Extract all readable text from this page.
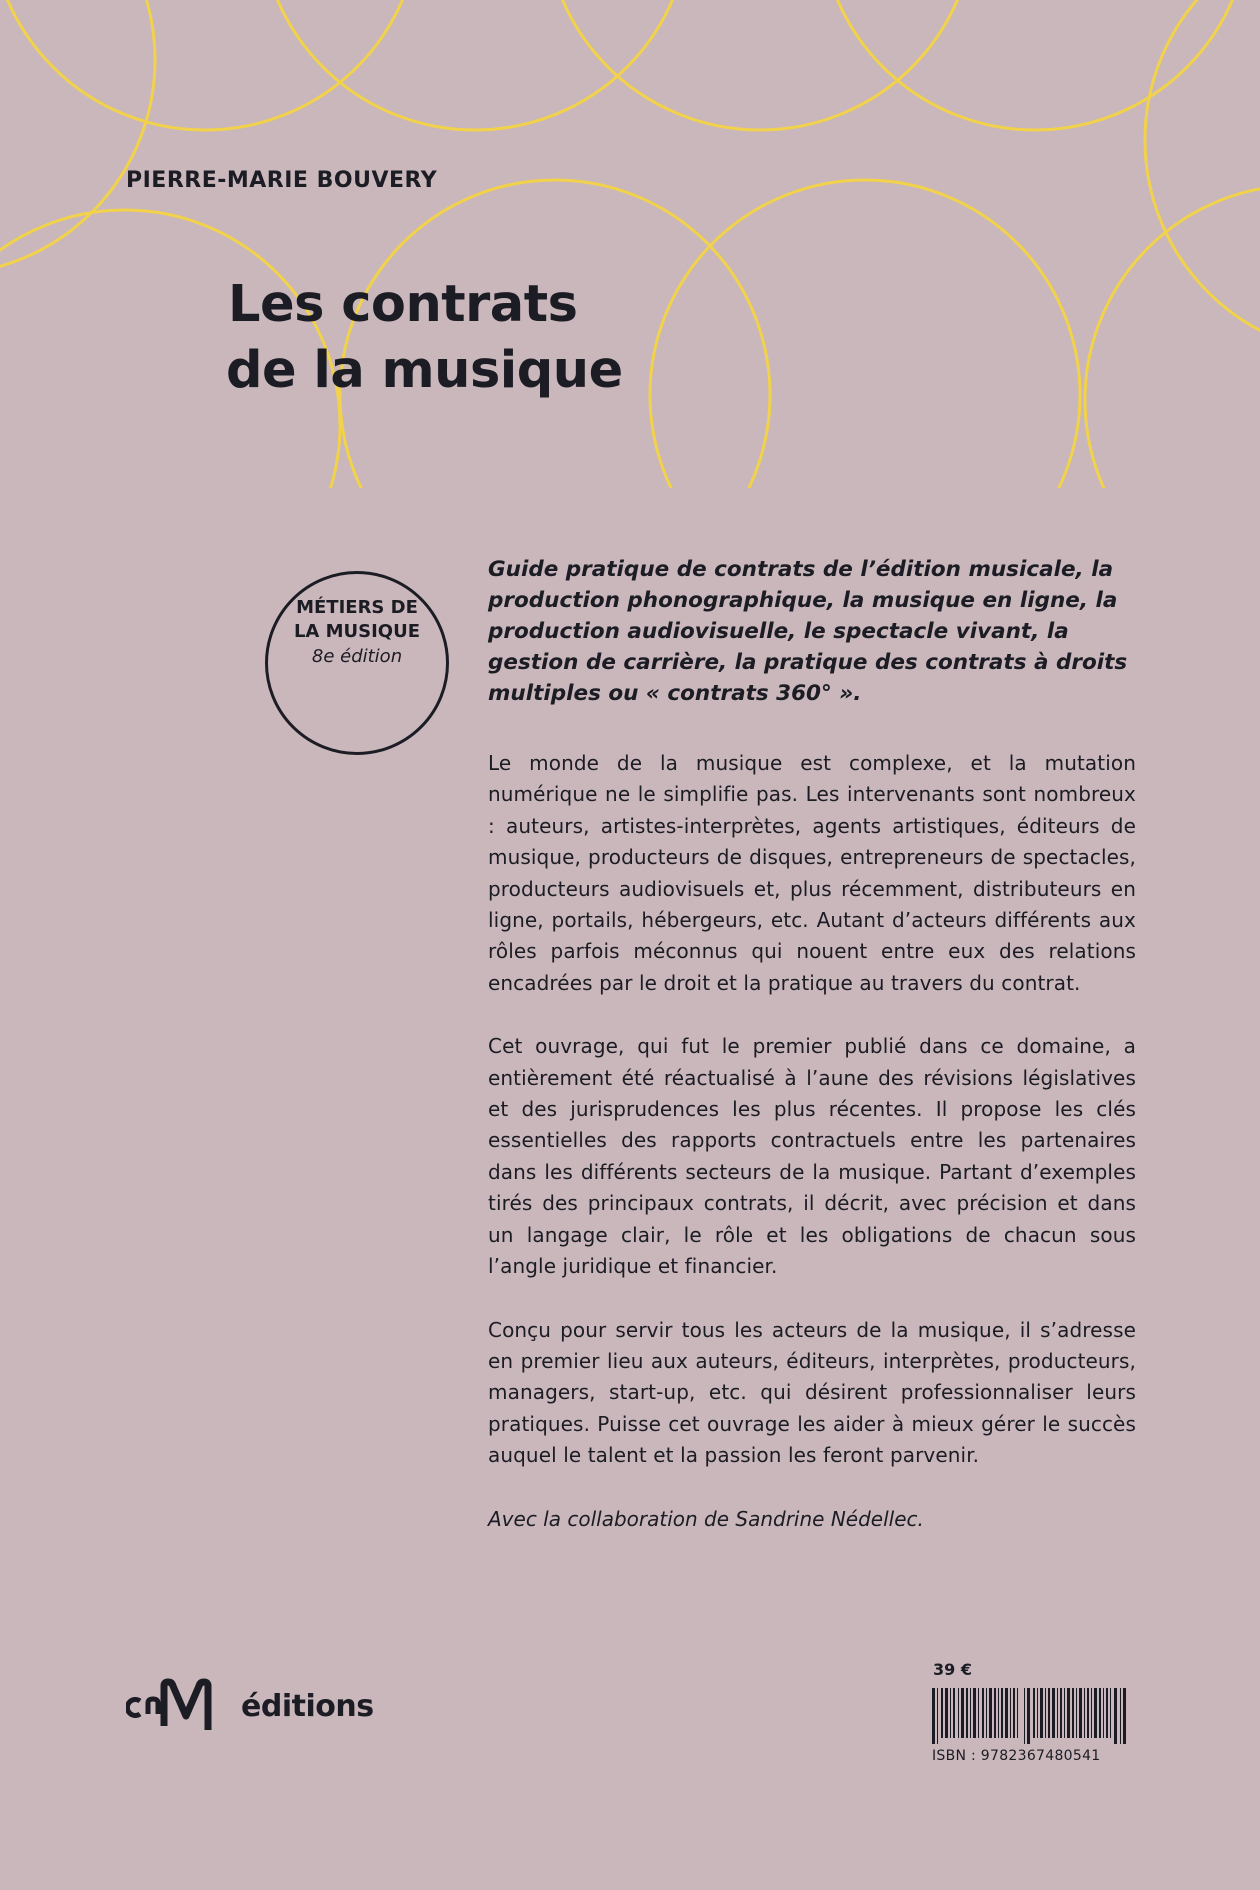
PIERRE-MARIE BOUVERY
Les contrats
de la musique
MÉTIERS DE
LA MUSIQUE
8e édition

Guide pratique de contrats de l’édition musicale, la production phonographique, la musique en ligne, la production audiovisuelle, le spectacle vivant, la gestion de carrière, la pratique des contrats à droits multiples ou « contrats 360° ».

Le monde de la musique est complexe, et la mutation numérique ne le simplifie pas. Les intervenants sont nombreux : auteurs, artistes-interprètes, agents artistiques, éditeurs de musique, producteurs de disques, entrepreneurs de spectacles, producteurs audiovisuels et, plus récemment, distributeurs en ligne, portails, hébergeurs, etc. Autant d’acteurs différents aux rôles parfois méconnus qui nouent entre eux des relations encadrées par le droit et la pratique au travers du contrat.

Cet ouvrage, qui fut le premier publié dans ce domaine, a entièrement été réactualisé à l’aune des révisions législatives et des jurisprudences les plus récentes. Il propose les clés essentielles des rapports contractuels entre les partenaires dans les différents secteurs de la musique. Partant d’exemples tirés des principaux contrats, il décrit, avec précision et dans un langage clair, le rôle et les obligations de chacun sous l’angle juridique et financier.

Conçu pour servir tous les acteurs de la musique, il s’adresse en premier lieu aux auteurs, éditeurs, interprètes, producteurs, managers, start-up, etc. qui désirent professionnaliser leurs pratiques. Puisse cet ouvrage les aider à mieux gérer le succès auquel le talent et la passion les feront parvenir.

Avec la collaboration de Sandrine Nédellec.

éditions
39 €
ISBN : 9782367480541
